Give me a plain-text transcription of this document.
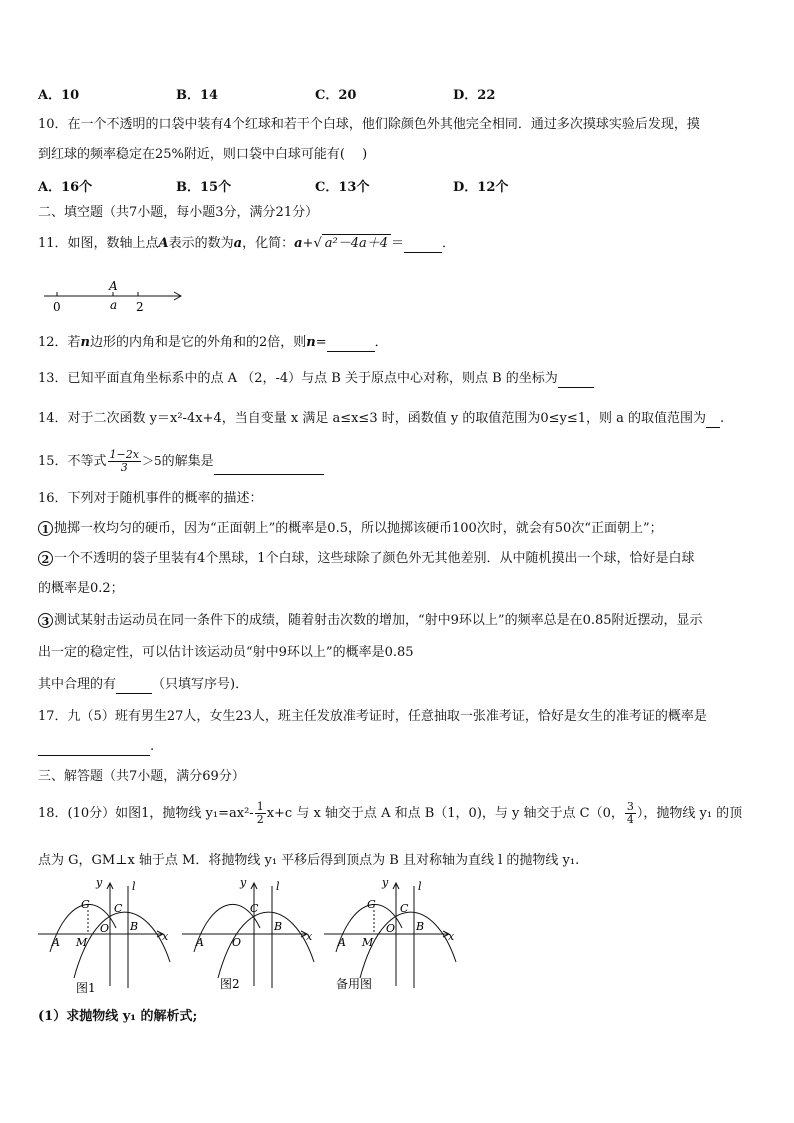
A．10	B．14	C．20	D．22
10．在一个不透明的口袋中装有4个红球和若干个白球，他们除颜色外其他完全相同．通过多次摸球实验后发现，摸
到红球的频率稳定在25%附近，则口袋中白球可能有(　 )
A．16个	B．15个	C．13个	D．12个
二、填空题（共7小题，每小题3分，满分21分）
11．如图，数轴上点A表示的数为a，化简：a+√ a²－4a＋4 ＝	．
0
A
a 2
12．若n边形的内角和是它的外角和的2倍，则n=	．
13．已知平面直角坐标系中的点 A （2，-4）与点 B 关于原点中心对称，则点 B 的坐标为
14．对于二次函数 y＝x²-4x+4，当自变量 x 满足 a≤x≤3 时，函数值 y 的取值范围为0≤y≤1，则 a 的取值范围为 .
15．不等式 $\frac{1-2x}{3} >5$的解集是
16．下列对于随机事件的概率的描述：
1 抛掷一枚均匀的硬币，因为“正面朝上”的概率是0.5，所以抛掷该硬币100次时，就会有50次“正面朝上”；
2 一个不透明的袋子里装有4个黑球，1个白球，这些球除了颜色外无其他差别．从中随机摸出一个球，恰好是白球
的概率是0.2；
3 测试某射击运动员在同一条件下的成绩，随着射击次数的增加，“射中9环以上”的频率总是在0.85附近摆动，显示
出一定的稳定性，可以估计该运动员“射中9环以上”的概率是0.85
其中合理的有	（只填写序号)．
17．九（5）班有男生27人，女生23人，班主任发放准考证时，任意抽取一张准考证，恰好是女生的准考证的概率是
.
三、解答题（共7小题，满分69分）
18．(10分）如图1，抛物线 $y_1=ax^2- \frac{1}{2} x+c$ 与 x 轴交于点 A 和点 B（1，0)，与 y 轴交于点 C（0， $\frac{3}{4}$ ），抛物线 y₁ 的顶
点为 G，GM⊥x 轴于点 M．将抛物线 y₁ 平移后得到顶点为 B 且对称轴为直线 l 的抛物线 y₁.
y	l
G C
O B
x
A M
图1
y	l
C
B
x
A	O
图2
y	l
G C
O B
x
A M
备用图
(1）求抛物线 y₁ 的解析式;
